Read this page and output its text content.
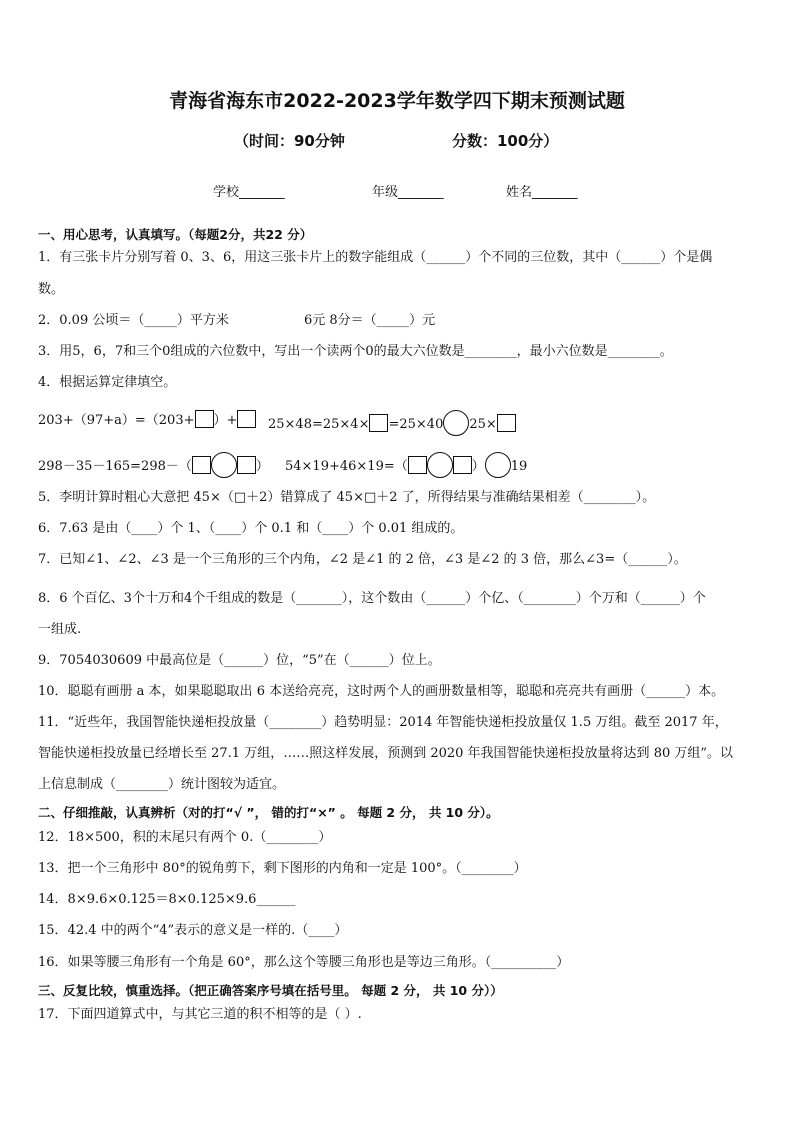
青海省海东市2022-2023学年数学四下期末预测试题
（时间：90分钟	分数：100分）
学校_______	年级_______	姓名_______
一、用心思考，认真填写。（每题2分，共22 分）
1．有三张卡片分别写着 0、3、6，用这三张卡片上的数字能组成（______）个不同的三位数，其中（______）个是偶
数。
2．0.09 公顷＝（_____）平方米	6元 8分＝（_____）元
3．用5，6，7和三个0组成的六位数中，写出一个读两个0的最大六位数是________，最小六位数是________。
4．根据运算定律填空。
203+（97+a）=（203+ ）+	25×48=25×4× =25×40 25×
298－35－165=298－（	） 54×19+46×19=（	） 19
5．李明计算时粗心大意把 45×（□＋2）错算成了 45×□＋2 了，所得结果与准确结果相差（________）。
6．7.63 是由（____）个 1、（____）个 0.1 和（____）个 0.01 组成的。
7．已知∠1、∠2、∠3 是一个三角形的三个内角，∠2 是∠1 的 2 倍，∠3 是∠2 的 3 倍，那么∠3=（______）。
8．6 个百亿、3个十万和4个千组成的数是（_______），这个数由（______）个亿、（________）个万和（______）个
一组成.
9．7054030609 中最高位是（______）位，“5”在（______）位上。
10．聪聪有画册 a 本，如果聪聪取出 6 本送给亮亮，这时两个人的画册数量相等，聪聪和亮亮共有画册（______）本。
11．“近些年，我国智能快递柜投放量（________）趋势明显：2014 年智能快递柜投放量仅 1.5 万组。截至 2017 年，
智能快递柜投放量已经增长至 27.1 万组，……照这样发展，预测到 2020 年我国智能快递柜投放量将达到 80 万组”。以
上信息制成（________）统计图较为适宜。
二、仔细推敲，认真辨析（对的打“√ ”， 错的打“×” 。 每题 2 分， 共 10 分）。
12．18×500，积的末尾只有两个 0.（________）
13．把一个三角形中 80°的锐角剪下，剩下图形的内角和一定是 100°。（________）
14．8×9.6×0.125＝8×0.125×9.6______
15．42.4 中的两个“4”表示的意义是一样的.（____）
16．如果等腰三角形有一个角是 60°，那么这个等腰三角形也是等边三角形。（__________）
三、反复比较，慎重选择。（把正确答案序号填在括号里。 每题 2 分， 共 10 分））
17．下面四道算式中，与其它三道的积不相等的是（ ）.
